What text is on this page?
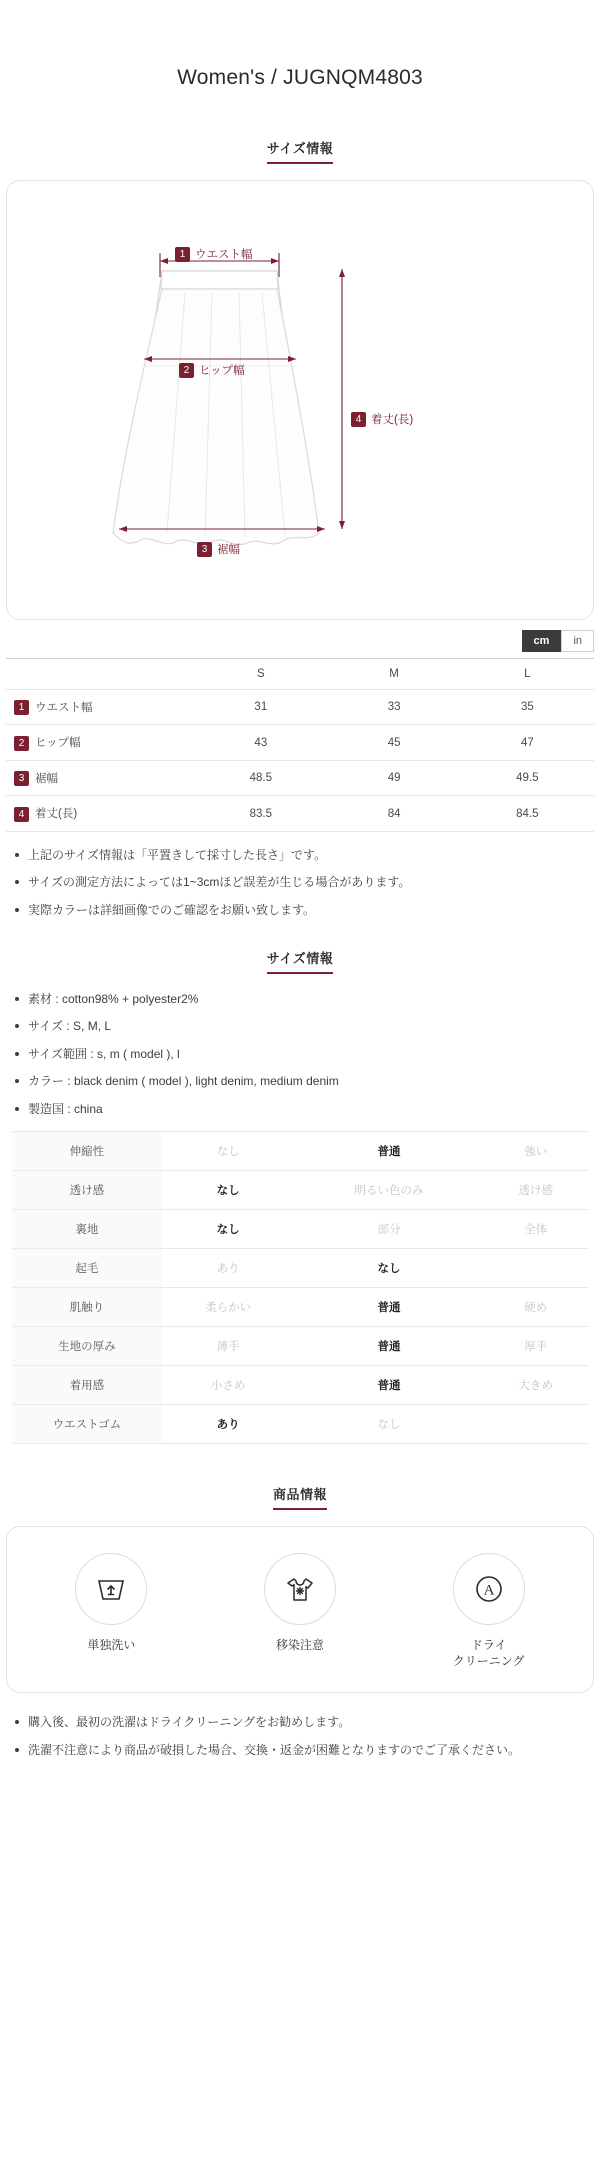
Women's / JUGNQM4803
サイズ情報
1 ウエスト幅
2 ヒップ幅
3 裾幅
4 着丈(長)
cm	in
	S	M	L
1 ウエスト幅	31	33	35
2 ヒップ幅	43	45	47
3 裾幅	48.5	49	49.5
4 着丈(長)	83.5	84	84.5
上記のサイズ情報は「平置きして採寸した長さ」です。
サイズの測定方法によっては1~3cmほど誤差が生じる場合があります。
実際カラーは詳細画像でのご確認をお願い致します。
サイズ情報
素材 : cotton98% + polyester2%
サイズ : S, M, L
サイズ範囲 : s, m ( model ), l
カラー : black denim ( model ), light denim, medium denim
製造国 : china
伸縮性	なし	普通	強い
透け感	なし	明るい色のみ	透け感
裏地	なし	部分	全体
起毛	あり	なし	
肌触り	柔らかい	普通	硬め
生地の厚み	薄手	普通	厚手
着用感	小さめ	普通	大きめ
ウエストゴム	あり	なし	
商品情報
単独洗い	移染注意
A
ドライ
クリーニング
購入後、最初の洗濯はドライクリーニングをお勧めします。
洗濯不注意により商品が破損した場合、交換・返金が困難となりますのでご了承ください。
